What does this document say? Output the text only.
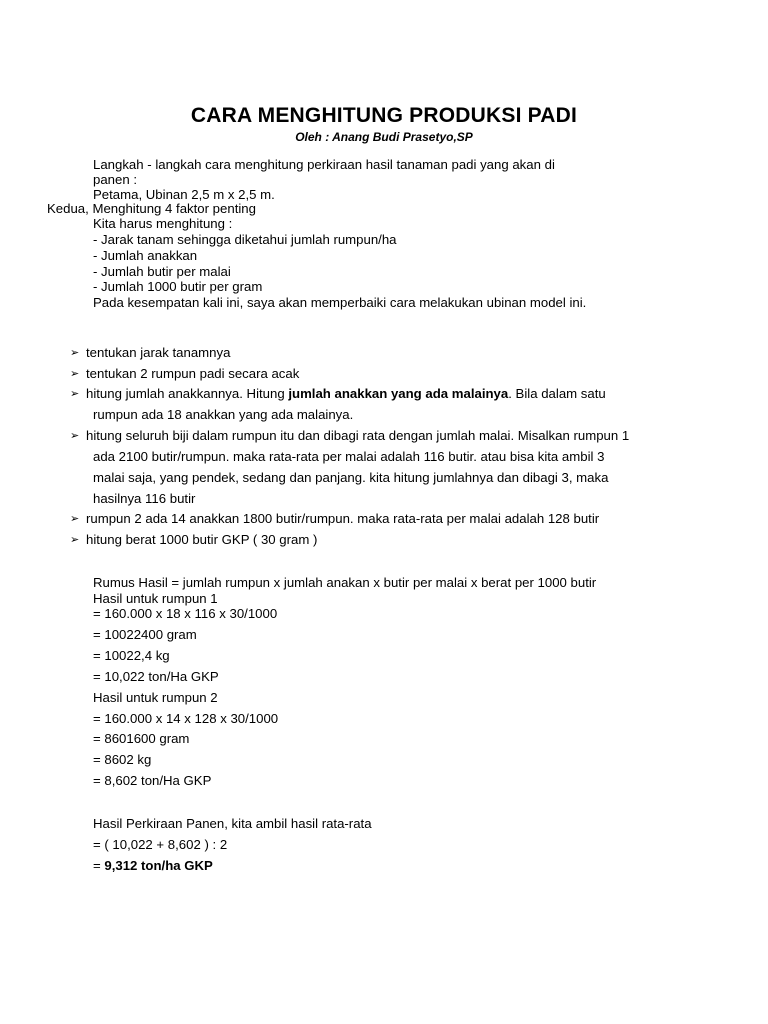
CARA MENGHITUNG PRODUKSI PADI
Oleh : Anang Budi Prasetyo,SP
Langkah - langkah cara menghitung perkiraan hasil tanaman padi yang akan di
panen :
Petama, Ubinan 2,5 m x 2,5 m.
Kedua, Menghitung 4 faktor penting
Kita harus menghitung :
- Jarak tanam sehingga diketahui jumlah rumpun/ha
- Jumlah anakkan
- Jumlah butir per malai
- Jumlah 1000 butir per gram
Pada kesempatan kali ini, saya akan memperbaiki cara melakukan ubinan model ini.
➢ tentukan jarak tanamnya
➢ tentukan 2 rumpun padi secara acak
➢ hitung jumlah anakkannya. Hitung jumlah anakkan yang ada malainya. Bila dalam satu
rumpun ada 18 anakkan yang ada malainya.
➢ hitung seluruh biji dalam rumpun itu dan dibagi rata dengan jumlah malai. Misalkan rumpun 1
ada 2100 butir/rumpun. maka rata-rata per malai adalah 116 butir. atau bisa kita ambil 3
malai saja, yang pendek, sedang dan panjang. kita hitung jumlahnya dan dibagi 3, maka
hasilnya 116 butir
➢ rumpun 2 ada 14 anakkan 1800 butir/rumpun. maka rata-rata per malai adalah 128 butir
➢ hitung berat 1000 butir GKP ( 30 gram )
Rumus Hasil = jumlah rumpun x jumlah anakan x butir per malai x berat per 1000 butir
Hasil untuk rumpun 1
= 160.000 x 18 x 116 x 30/1000
= 10022400 gram
= 10022,4 kg
= 10,022 ton/Ha GKP
Hasil untuk rumpun 2
= 160.000 x 14 x 128 x 30/1000
= 8601600 gram
= 8602 kg
= 8,602 ton/Ha GKP
Hasil Perkiraan Panen, kita ambil hasil rata-rata
= ( 10,022 + 8,602 ) : 2
= 9,312 ton/ha GKP
